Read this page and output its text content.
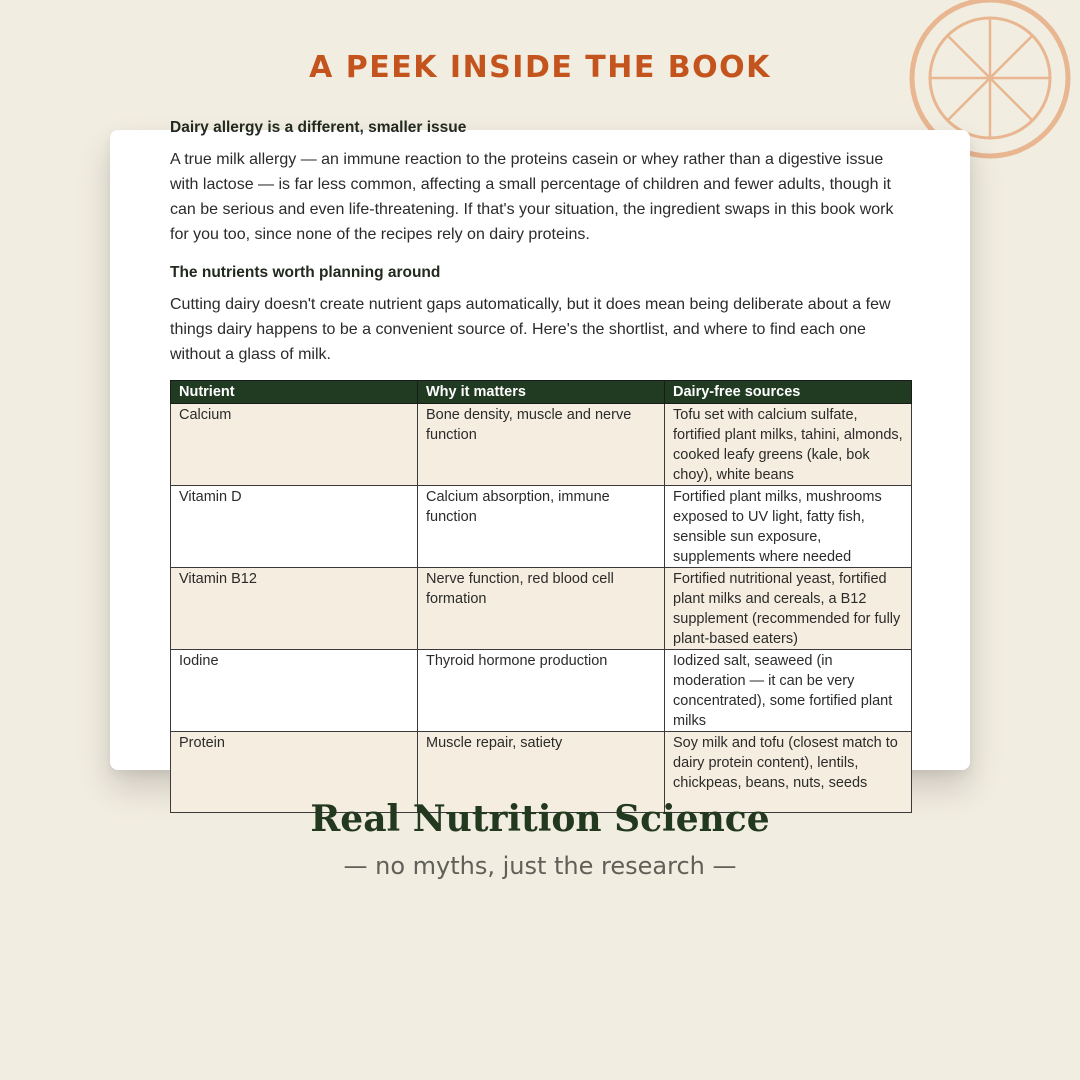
A PEEK INSIDE THE BOOK
Dairy allergy is a different, smaller issue

A true milk allergy — an immune reaction to the proteins casein or whey rather than a digestive issue with lactose — is far less common, affecting a small percentage of children and fewer adults, though it can be serious and even life-threatening. If that's your situation, the ingredient swaps in this book work for you too, since none of the recipes rely on dairy proteins.

The nutrients worth planning around

Cutting dairy doesn't create nutrient gaps automatically, but it does mean being deliberate about a few things dairy happens to be a convenient source of. Here's the shortlist, and where to find each one without a glass of milk.

Nutrient	Why it matters	Dairy-free sources
Calcium	Bone density, muscle and nerve function	Tofu set with calcium sulfate, fortified plant milks, tahini, almonds, cooked leafy greens (kale, bok choy), white beans
Vitamin D	Calcium absorption, immune function	Fortified plant milks, mushrooms exposed to UV light, fatty fish, sensible sun exposure, supplements where needed
Vitamin B12	Nerve function, red blood cell formation	Fortified nutritional yeast, fortified plant milks and cereals, a B12 supplement (recommended for fully plant-based eaters)
Iodine	Thyroid hormone production	Iodized salt, seaweed (in moderation — it can be very concentrated), some fortified plant milks
Protein	Muscle repair, satiety	Soy milk and tofu (closest match to dairy protein content), lentils, chickpeas, beans, nuts, seeds
Real Nutrition Science

— no myths, just the research —
